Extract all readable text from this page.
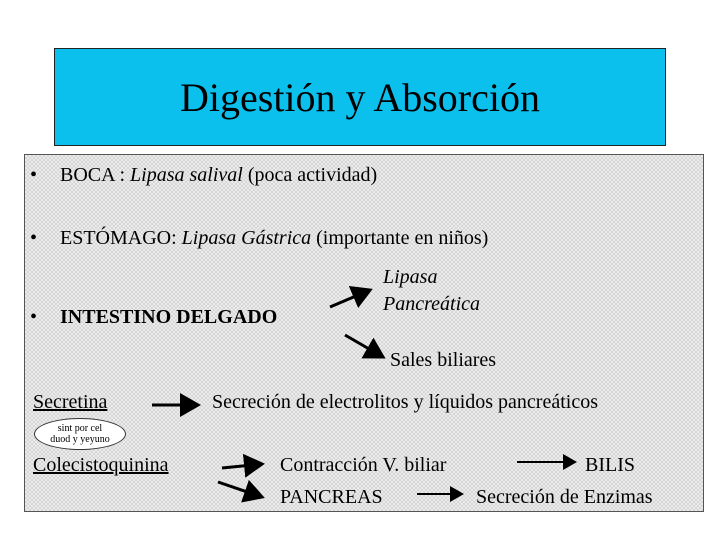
Digestión y Absorción
• BOCA : Lipasa salival (poca actividad)
• ESTÓMAGO: Lipasa Gástrica (importante en niños)
• INTESTINO DELGADO
Lipasa
Pancreática
Sales biliares
Secretina	Secreción de electrolitos y líquidos pancreáticos
sint por cel
duod y yeyuno
Colecistoquinina	Contracción V. biliar	BILIS
PANCREAS	Secreción de Enzimas
